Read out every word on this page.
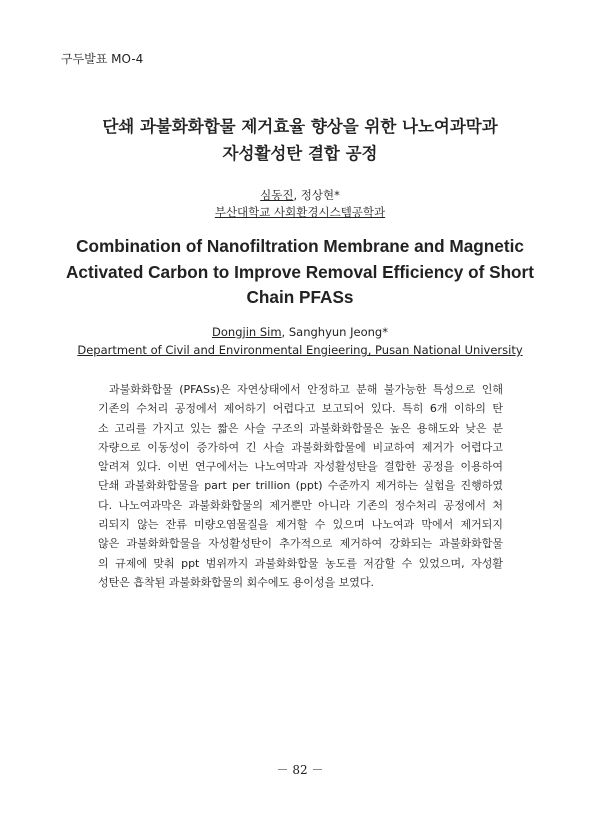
구두발표 MO-4
단쇄 과불화화합물 제거효율 향상을 위한 나노여과막과
자성활성탄 결합 공정
심동진, 정상현*
부산대학교 사회환경시스템공학과
Combination of Nanofiltration Membrane and Magnetic
Activated Carbon to Improve Removal Efficiency of Short
Chain PFASs
Dongjin Sim, Sanghyun Jeong*
Department of Civil and Environmental Engieering, Pusan National University
과불화화합물 (PFASs)은 자연상태에서 안정하고 분해 불가능한 특성으로 인해
기존의 수처리 공정에서 제어하기 어렵다고 보고되어 있다. 특히 6개 이하의 탄
소 고리를 가지고 있는 짧은 사슬 구조의 과불화화합물은 높은 용해도와 낮은 분
자량으로 이동성이 증가하여 긴 사슬 과불화화합물에 비교하여 제거가 어렵다고
알려져 있다. 이번 연구에서는 나노여막과 자성활성탄을 결합한 공정을 이용하여
단쇄 과불화화합물을 part per trillion (ppt) 수준까지 제거하는 실험을 진행하였
다. 나노여과막은 과불화화합물의 제거뿐만 아니라 기존의 정수처리 공정에서 처
리되지 않는 잔류 미량오염물질을 제거할 수 있으며 나노여과 막에서 제거되지
않은 과불화화합물을 자성활성탄이 추가적으로 제거하여 강화되는 과불화화합물
의 규제에 맞춰 ppt 범위까지 과불화화합물 농도를 저감할 수 있었으며, 자성활
성탄은 흡착된 과불화화합물의 회수에도 용이성을 보였다.
－ 82 －
